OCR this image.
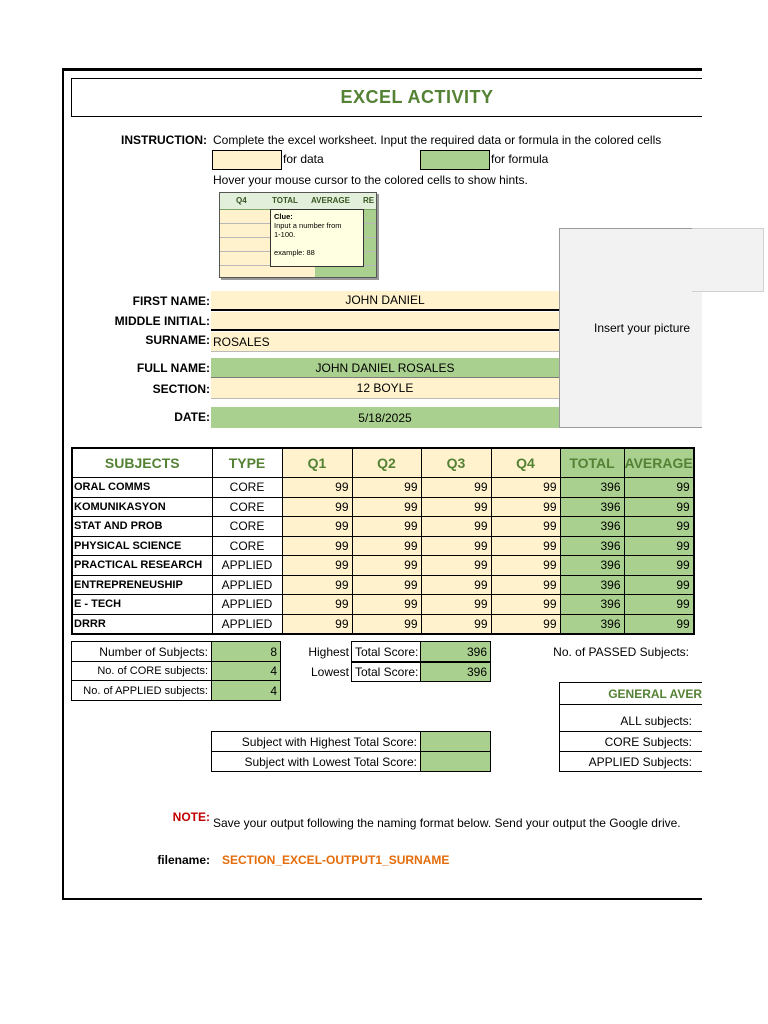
EXCEL ACTIVITY
INSTRUCTION: Complete the excel worksheet. Input the required data or formula in the colored cells
for data	for formula
Hover your mouse cursor to the colored cells to show hints.
Q4	TOTAL AVERAGE RE
Clue:
Input a number from
1-100.
example: 88
FIRST NAME:	JOHN DANIEL
MIDDLE INITIAL:
SURNAME: ROSALES
FULL NAME:	JOHN DANIEL ROSALES
SECTION:	12 BOYLE
DATE:	5/18/2025
Insert your picture
SUBJECTS	TYPE	Q1	Q2	Q3	Q4	TOTAL	AVERAGE
ORAL COMMS	CORE	99	99	99	99	396	99
KOMUNIKASYON	CORE	99	99	99	99	396	99
STAT AND PROB	CORE	99	99	99	99	396	99
PHYSICAL SCIENCE	CORE	99	99	99	99	396	99
PRACTICAL RESEARCH	APPLIED	99	99	99	99	396	99
ENTREPRENEUSHIP	APPLIED	99	99	99	99	396	99
E - TECH	APPLIED	99	99	99	99	396	99
DRRR	APPLIED	99	99	99	99	396	99
Number of Subjects:	8
No. of CORE subjects:	4
No. of APPLIED subjects:	4
Highest Total Score:	396
Lowest Total Score:	396
No. of PASSED Subjects:
GENERAL AVER
ALL subjects:
CORE Subjects:
APPLIED Subjects:
Subject with Highest Total Score:
Subject with Lowest Total Score:
NOTE: Save your output following the naming format below. Send your output the Google drive.
filename: SECTION_EXCEL-OUTPUT1_SURNAME
